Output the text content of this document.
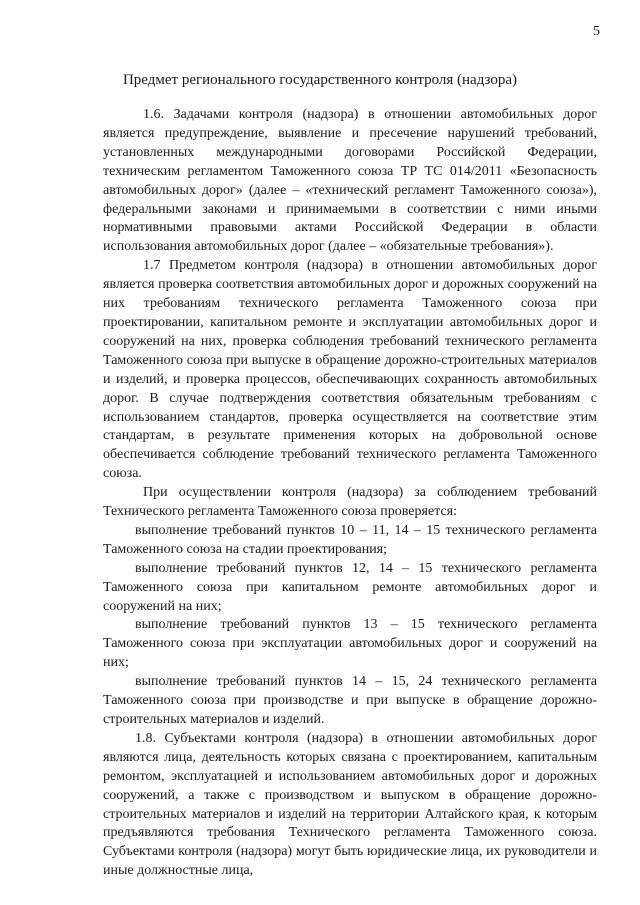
5
Предмет регионального государственного контроля (надзора)

1.6. Задачами контроля (надзора) в отношении автомобильных дорог является предупреждение, выявление и пресечение нарушений требований, установленных международными договорами Российской Федерации, техническим регламентом Таможенного союза ТР ТС 014/2011 «Безопасность автомобильных дорог» (далее – «технический регламент Таможенного союза»), федеральными законами и принимаемыми в соответствии с ними иными нормативными правовыми актами Российской Федерации в области использования автомобильных дорог (далее – «обязательные требования»).

1.7 Предметом контроля (надзора) в отношении автомобильных дорог является проверка соответствия автомобильных дорог и дорожных сооружений на них требованиям технического регламента Таможенного союза при проектировании, капитальном ремонте и эксплуатации автомобильных дорог и сооружений на них, проверка соблюдения требований технического регламента Таможенного союза при выпуске в обращение дорожно-строительных материалов и изделий, и проверка процессов, обеспечивающих сохранность автомобильных дорог. В случае подтверждения соответствия обязательным требованиям с использованием стандартов, проверка осуществляется на соответствие этим стандартам, в результате применения которых на добровольной основе обеспечивается соблюдение требований технического регламента Таможенного союза.

При осуществлении контроля (надзора) за соблюдением требований Технического регламента Таможенного союза проверяется:

выполнение требований пунктов 10 – 11, 14 – 15 технического регламента Таможенного союза на стадии проектирования;

выполнение требований пунктов 12, 14 – 15 технического регламента Таможенного союза при капитальном ремонте автомобильных дорог и сооружений на них;

выполнение требований пунктов 13 – 15 технического регламента Таможенного союза при эксплуатации автомобильных дорог и сооружений на них;

выполнение требований пунктов 14 – 15, 24 технического регламента Таможенного союза при производстве и при выпуске в обращение дорожно-строительных материалов и изделий.

1.8. Субъектами контроля (надзора) в отношении автомобильных дорог являются лица, деятельность которых связана с проектированием, капитальным ремонтом, эксплуатацией и использованием автомобильных дорог и дорожных сооружений, а также с производством и выпуском в обращение дорожно-строительных материалов и изделий на территории Алтайского края, к которым предъявляются требования Технического регламента Таможенного союза. Субъектами контроля (надзора) могут быть юридические лица, их руководители и иные должностные лица,
